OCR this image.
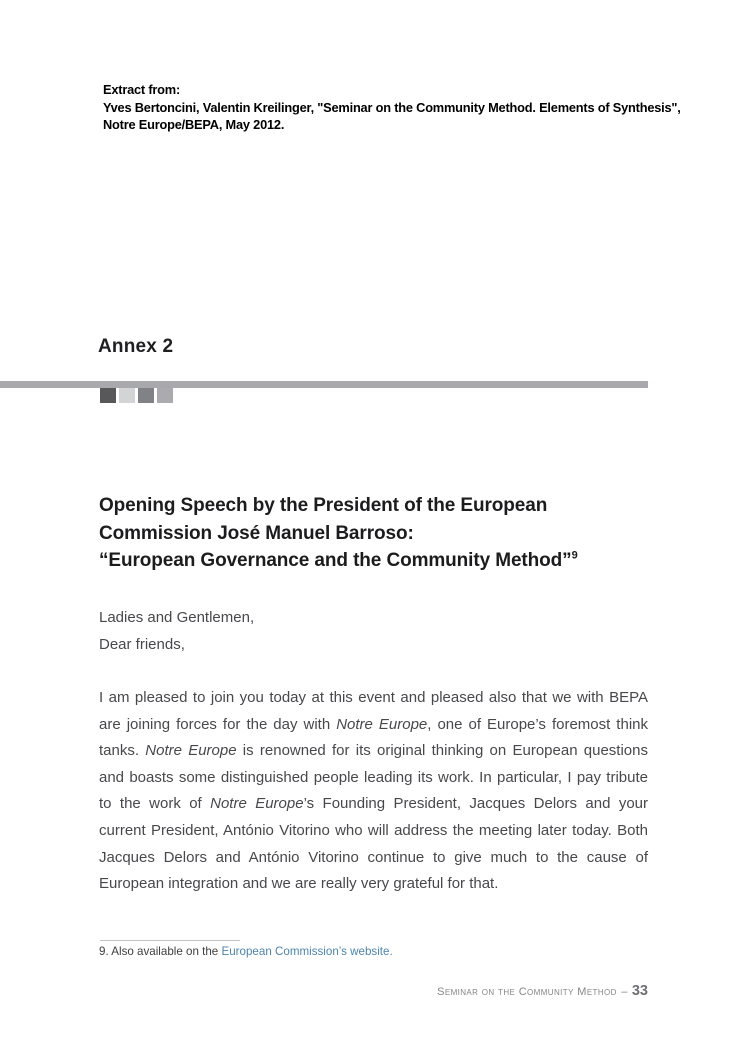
Extract from:
Yves Bertoncini, Valentin Kreilinger, "Seminar on the Community Method. Elements of Synthesis",
Notre Europe/BEPA, May 2012.
Annex 2
Opening Speech by the President of the European
Commission José Manuel Barroso:
“European Governance and the Community Method”$^9$
Ladies and Gentlemen,
Dear friends,
I am pleased to join you today at this event and pleased also that we with BEPA are joining forces for the day with Notre Europe, one of Europe’s foremost think tanks. Notre Europe is renowned for its original thinking on European questions and boasts some distinguished people leading its work. In particular, I pay tribute to the work of Notre Europe’s Founding President, Jacques Delors and your current President, António Vitorino who will address the meeting later today. Both Jacques Delors and António Vitorino continue to give much to the cause of European integration and we are really very grateful for that.
9. Also available on the European Commission’s website.
Seminar on the Community Method – 33
